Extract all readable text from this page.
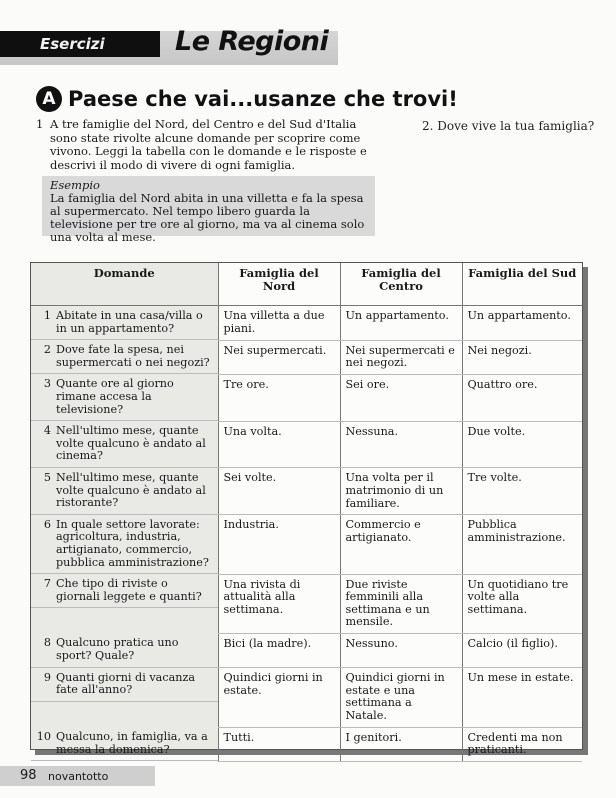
Esercizi	Le Regioni
A Paese che vai...usanze che trovi!
1 A tre famiglie del Nord, del Centro e del Sud d'Italia sono state rivolte alcune domande per scoprire come vivono. Leggi la tabella con le domande e le risposte e descrivi il modo di vivere di ogni famiglia.
2. Dove vive la tua famiglia?
Esempio
La famiglia del Nord abita in una villetta e fa la spesa al supermercato. Nel tempo libero guarda la televisione per tre ore al giorno, ma va al cinema solo una volta al mese.
Domande	Famiglia del Nord	Famiglia del Centro	Famiglia del Sud

1 Abitate in una casa/villa o in un appartamento?
Una villetta a due piani.	Un appartamento.	Un appartamento.

2 Dove fate la spesa, nei supermercati o nei negozi?
Nei supermercati.	Nei supermercati e nei negozi.	Nei negozi.

3 Quante ore al giorno rimane accesa la televisione?
Tre ore.	Sei ore.	Quattro ore.

4 Nell'ultimo mese, quante volte qualcuno è andato al cinema?
Una volta.	Nessuna.	Due volte.

5 Nell'ultimo mese, quante volte qualcuno è andato al ristorante?
Sei volte.	Una volta per il matrimonio di un familiare.	Tre volte.

6 In quale settore lavorate: agricoltura, industria, artigianato, commercio, pubblica amministrazione?
Industria.	Commercio e artigianato.	Pubblica amministrazione.

7 Che tipo di riviste o giornali leggete e quanti?
Una rivista di attualità alla settimana.	Due riviste femminili alla settimana e un mensile.	Un quotidiano tre volte alla settimana.

8 Qualcuno pratica uno sport? Quale?
Bici (la madre).	Nessuno.	Calcio (il figlio).

9 Quanti giorni di vacanza fate all'anno?
Quindici giorni in estate.	Quindici giorni in estate e una settimana a Natale.	Un mese in estate.

10 Qualcuno, in famiglia, va a messa la domenica?
Tutti.	I genitori.	Credenti ma non praticanti.
98 novantotto
